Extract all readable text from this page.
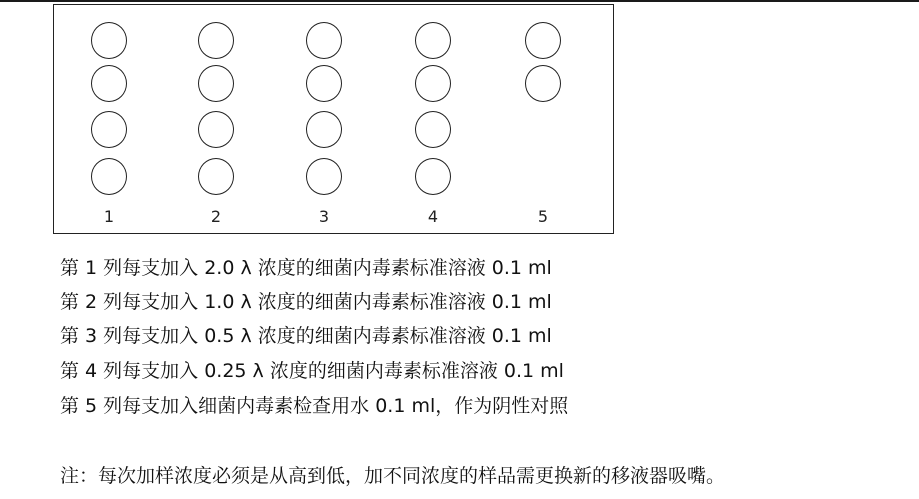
1	2	3	4	5
第 1 列每支加入 2.0 λ 浓度的细菌内毒素标准溶液 0.1 ml
第 2 列每支加入 1.0 λ 浓度的细菌内毒素标准溶液 0.1 ml
第 3 列每支加入 0.5 λ 浓度的细菌内毒素标准溶液 0.1 ml
第 4 列每支加入 0.25 λ 浓度的细菌内毒素标准溶液 0.1 ml
第 5 列每支加入细菌内毒素检查用水 0.1 ml，作为阴性对照
注：每次加样浓度必须是从高到低，加不同浓度的样品需更换新的移液器吸嘴。
